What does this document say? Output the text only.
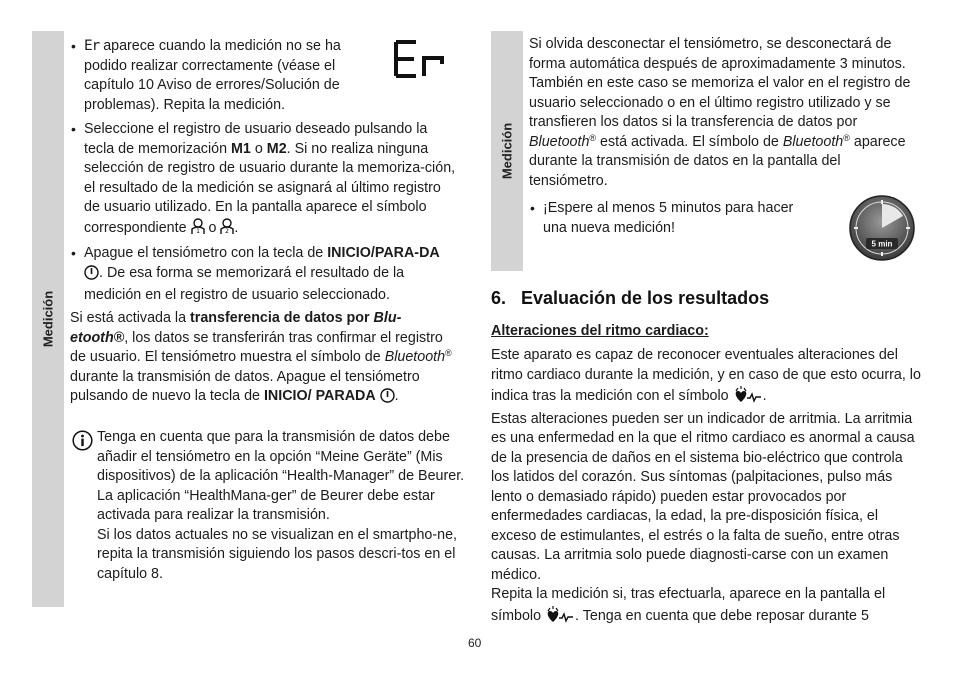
Medición
Medición
• Er aparece cuando la medición no se ha podido realizar correctamente (véase el capítulo 10 Aviso de errores/Solución de problemas). Repita la medición.
• Seleccione el registro de usuario deseado pulsando la tecla de memorización M1 o M2. Si no realiza ninguna selección de registro de usuario durante la memoriza-ción, el resultado de la medición se asignará al último registro de usuario utilizado. En la pantalla aparece el símbolo correspondiente 1 o 2 .
• Apague el tensiómetro con la tecla de INICIO/PARA-DA . De esa forma se memorizará el resultado de la medición en el registro de usuario seleccionado.
Si está activada la transferencia de datos por Blu-etooth®, los datos se transferirán tras confirmar el registro de usuario. El tensiómetro muestra el símbolo de Bluetooth® durante la transmisión de datos. Apague el tensiómetro pulsando de nuevo la tecla de INICIO/ PARADA .
Tenga en cuenta que para la transmisión de datos debe añadir el tensiómetro en la opción “Meine Geräte” (Mis dispositivos) de la aplicación “Health-Manager” de Beurer. La aplicación “HealthMana-ger” de Beurer debe estar activada para realizar la transmisión.
Si los datos actuales no se visualizan en el smartpho-ne, repita la transmisión siguiendo los pasos descri-tos en el capítulo 8.
Si olvida desconectar el tensiómetro, se desconectará de forma automática después de aproximadamente 3 minutos. También en este caso se memoriza el valor en el registro de usuario seleccionado o en el último registro utilizado y se transfieren los datos si la transferencia de datos por Bluetooth® está activada. El símbolo de Bluetooth® aparece durante la transmisión de datos en la pantalla del tensiómetro.
• ¡Espere al menos 5 minutos para hacer una nueva medición!
5 min
6.   Evaluación de los resultados
Alteraciones del ritmo cardiaco:
Este aparato es capaz de reconocer eventuales alteraciones del ritmo cardiaco durante la medición, y en caso de que esto ocurra, lo indica tras la medición con el símbolo .
Estas alteraciones pueden ser un indicador de arritmia. La arritmia es una enfermedad en la que el ritmo cardiaco es anormal a causa de la presencia de daños en el sistema bio-eléctrico que controla los latidos del corazón. Sus síntomas (palpitaciones, pulso más lento o demasiado rápido) pueden estar provocados por enfermedades cardiacas, la edad, la pre-disposición física, el exceso de estimulantes, el estrés o la falta de sueño, entre otras causas. La arritmia solo puede diagnosti-carse con un examen médico.
Repita la medición si, tras efectuarla, aparece en la pantalla el símbolo . Tenga en cuenta que debe reposar durante 5
60
